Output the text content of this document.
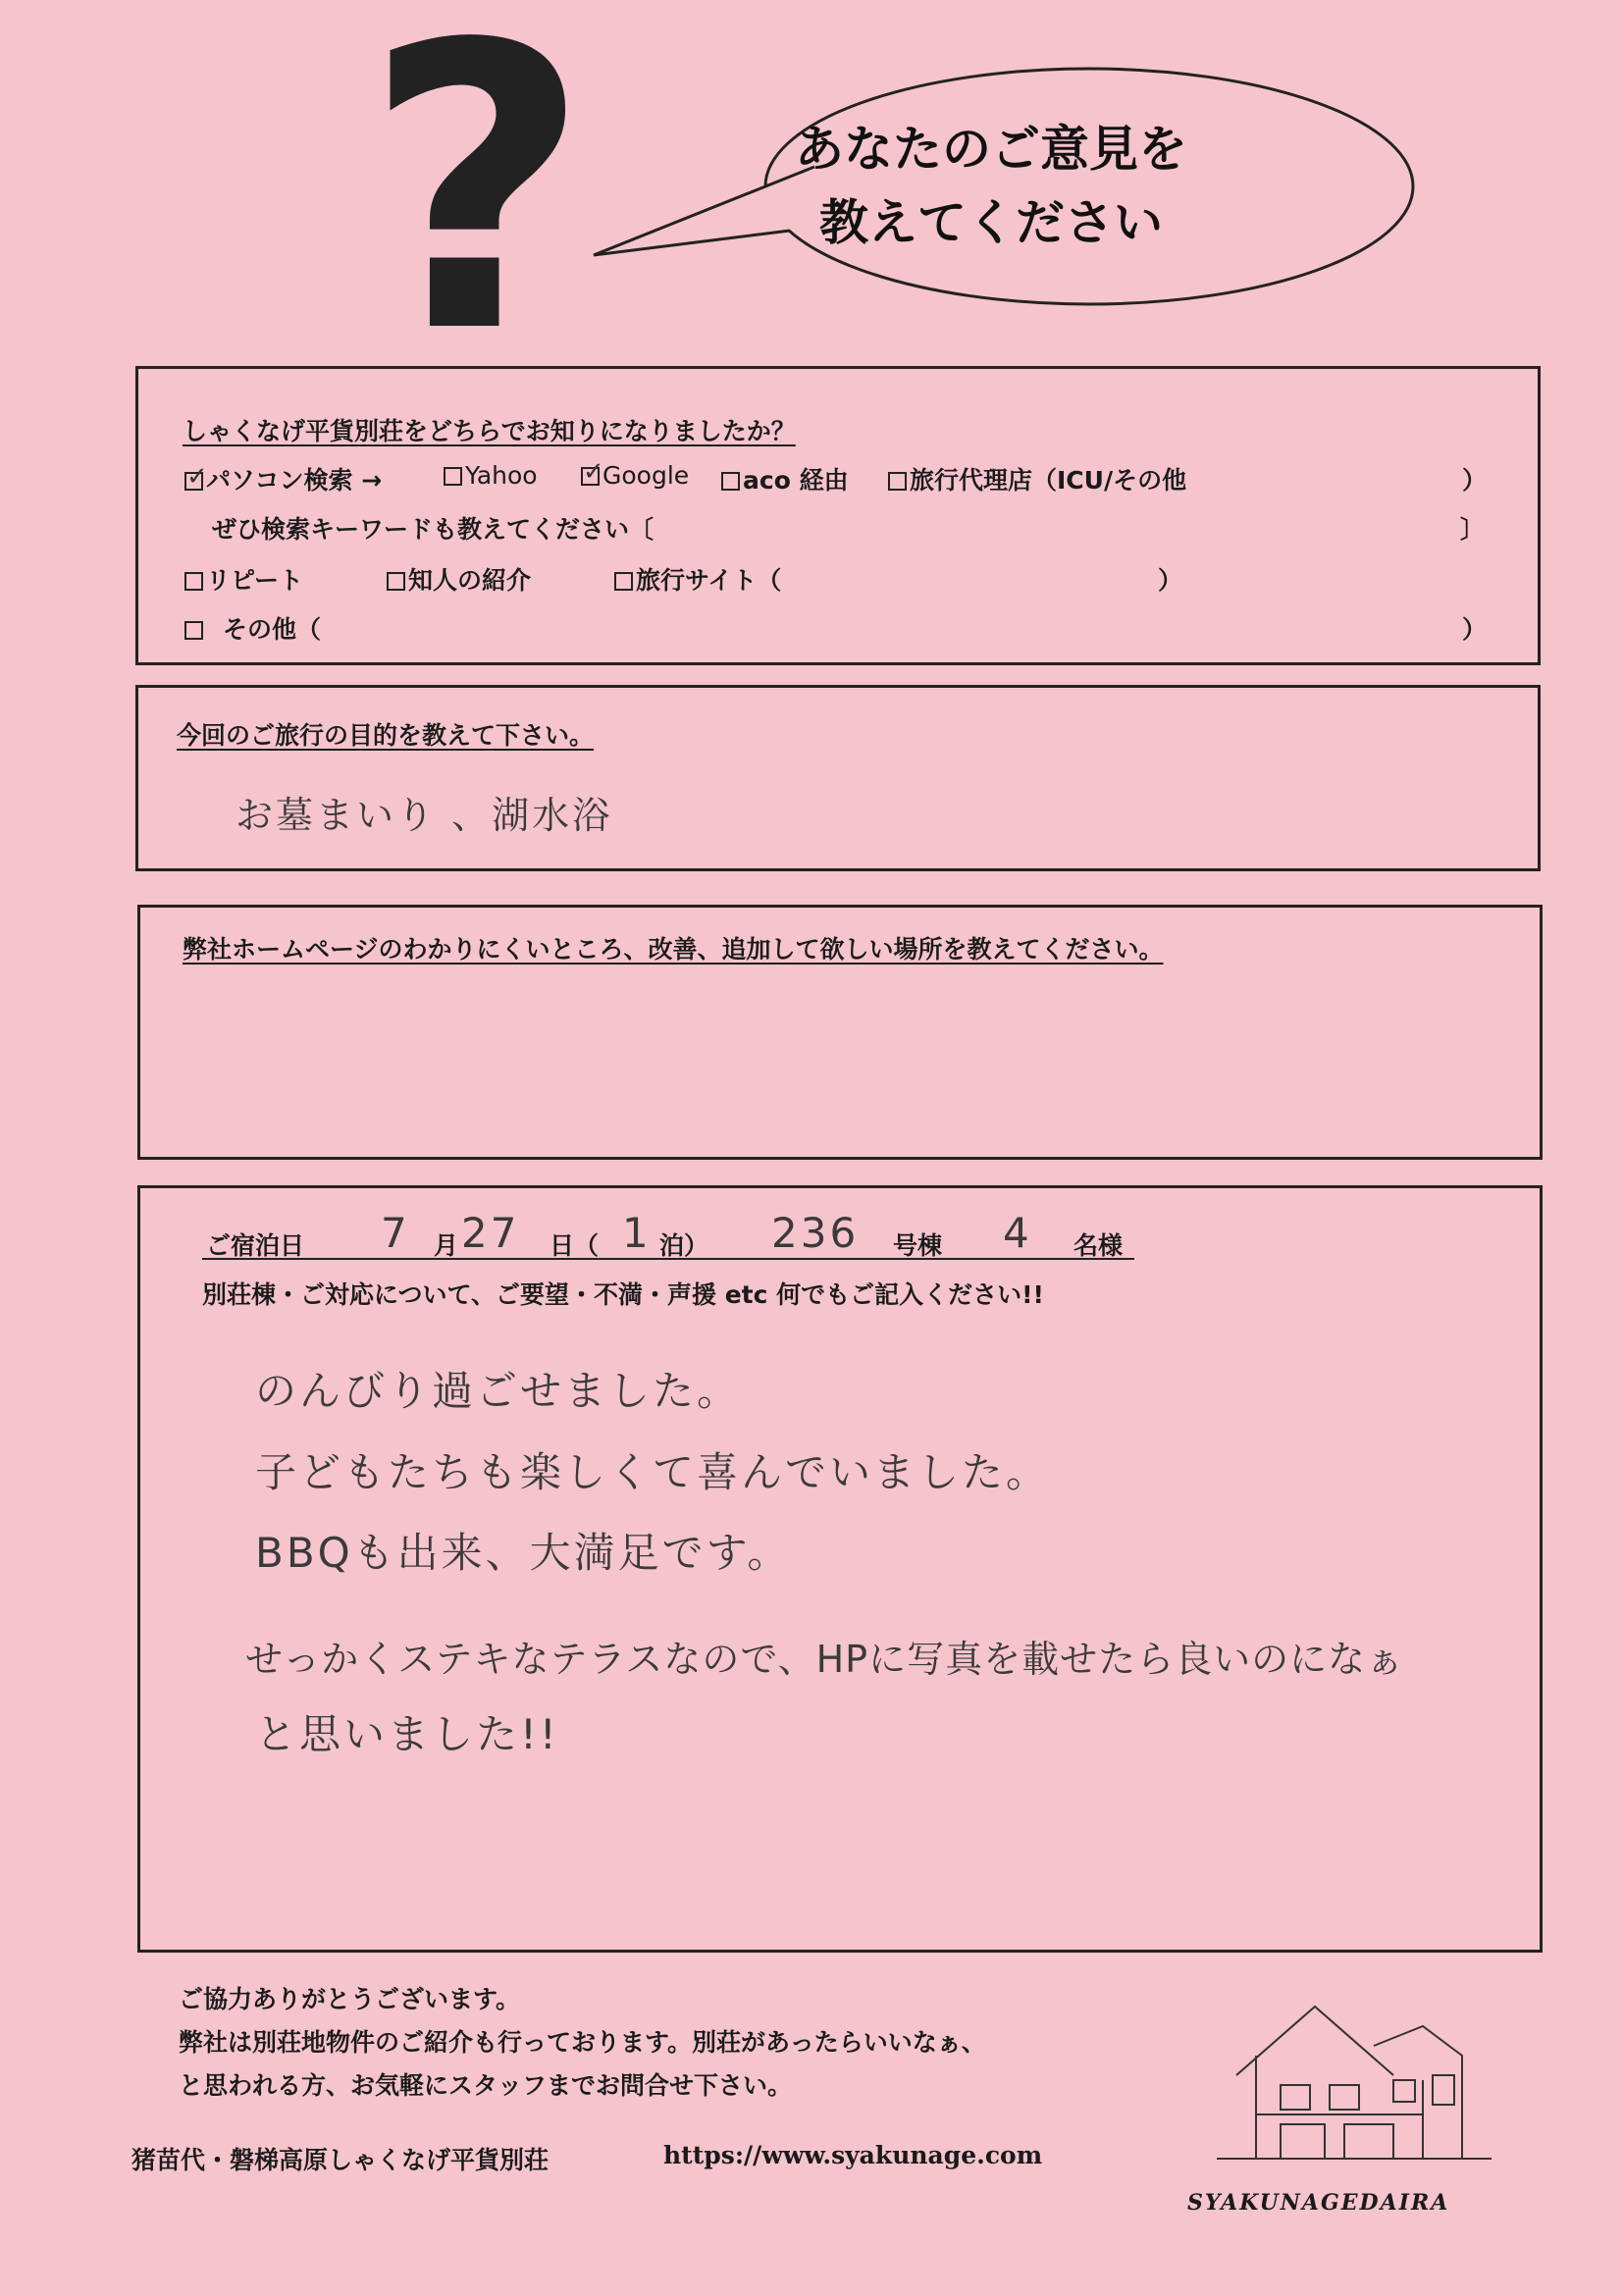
?	あなたのご意見を
教えてください
しゃくなげ平貨別荘をどちらでお知りになりましたか？
✓パソコン検索 →	Yahoo
✓	Google	aco 経由	旅行代理店（ICU/その他	）
ぜひ検索キーワードも教えてください〔	〕
リピート	知人の紹介	旅行サイト（	）
その他（	）
今回のご旅行の目的を教えて下さい。
お墓まいり 、湖水浴
弊社ホームページのわかりにくいところ、改善、追加して欲しい場所を教えてください。
ご宿泊日 7 月 27 日（ 1 泊） 236 号棟 4 名様
別荘棟・ご対応について、ご要望・不満・声援 etc 何でもご記入ください!!
のんびり過ごせました。
子どもたちも楽しくて喜んでいました。
BBQも出来、大満足です。
せっかくステキなテラスなので、HPに写真を載せたら良いのになぁ
と思いました!!
ご協力ありがとうございます。
弊社は別荘地物件のご紹介も行っております。別荘があったらいいなぁ、
と思われる方、お気軽にスタッフまでお問合せ下さい。
猪苗代・磐梯高原しゃくなげ平貨別荘	https://www.syakunage.com
SYAKUNAGEDAIRA
